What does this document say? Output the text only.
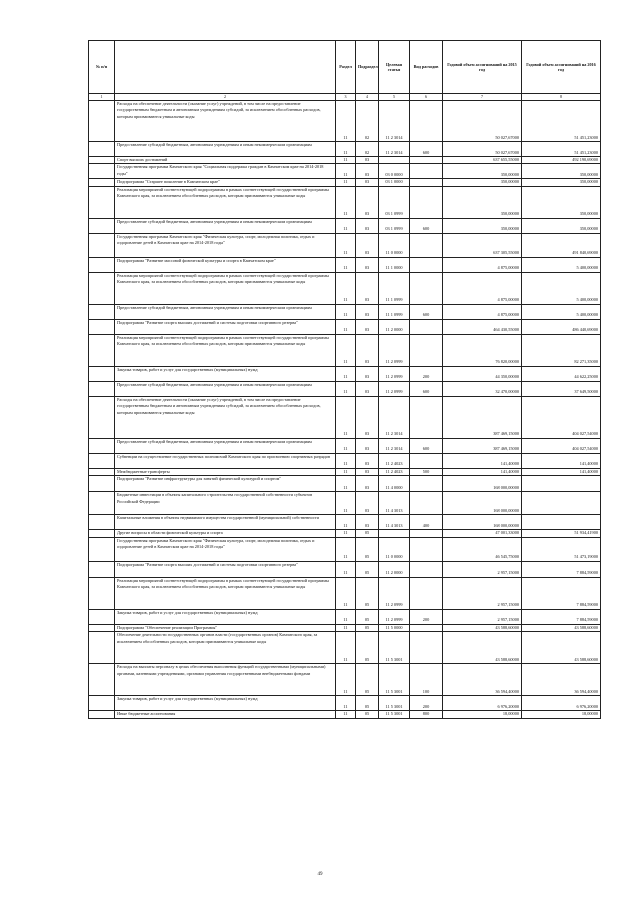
№ п/п		Раздел	Подраздел	Целевая статья	Вид расходов	Годовой объем ассигнований на 2015 год	Годовой объем ассигнований на 2016 год
1	2	3	4	5	6	7	8
	Расходы на обеспечение деятельности (оказание услуг) учреждений, в том числе на предоставление государственным бюджетным и автономным учреждениям субсидий, за исключением обособленных расходов, которым присваиваются уникальные коды	11	02	11 2 3014		50 027,67000	51 451,23000
	Предоставление субсидий бюджетным, автономным учреждениям и иным некоммерческим организациям	11	02	11 2 3014	600	50 027,67000	51 451,23000
	Спорт высших достижений	11	03			637 655,55000	492 190,69000
	Государственная программа Камчатского края "Социальная поддержка граждан в Камчатском крае на 2014-2018 годы"	11	03	03 0 0000		350,00000	350,00000
	Подпрограмма "Старшее поколение в Камчатском крае"	11	03	03 1 0000		350,00000	350,00000
	Реализация мероприятий соответствующей подпрограммы в рамках соответствующей государственной программы Камчатского края, за исключением обособленных расходов, которым присваиваются уникальные коды	11	03	03 1 0999		350,00000	350,00000
	Предоставление субсидий бюджетным, автономным учреждениям и иным некоммерческим организациям	11	03	03 1 0999	600	350,00000	350,00000
	Государственная программа Камчатского края "Физическая культура, спорт, молодежная политика, отдых и оздоровление детей в Камчатском крае на 2014-2018 годы"	11	03	11 0 0000		637 305,55000	491 840,69000
	Подпрограмма "Развитие массовой физической культуры и спорта в Камчатском крае"	11	03	11 1 0000		4 875,00000	5 400,00000
	Реализация мероприятий соответствующей подпрограммы в рамках соответствующей государственной программы Камчатского края, за исключением обособленных расходов, которым присваиваются уникальные коды	11	03	11 1 0999		4 875,00000	5 400,00000
	Предоставление субсидий бюджетным, автономным учреждениям и иным некоммерческим организациям	11	03	11 1 0999	600	4 875,00000	5 400,00000
	Подпрограмма "Развитие спорта высших достижений и системы подготовки спортивного резерва"	11	03	11 2 0000		464 430,55000	486 440,69000
	Реализация мероприятий соответствующей подпрограммы в рамках соответствующей государственной программы Камчатского края, за исключением обособленных расходов, которым присваиваются уникальные коды	11	03	11 2 0999		76 820,00000	82 271,35000
	Закупка товаров, работ и услуг для государственных (муниципальных) нужд	11	03	11 2 0999	200	44 350,00000	44 622,25000
	Предоставление субсидий бюджетным, автономным учреждениям и иным некоммерческим организациям	11	03	11 2 0999	600	32 470,00000	37 649,50000
	Расходы на обеспечение деятельности (оказание услуг) учреждений, в том числе на предоставление государственным бюджетным и автономным учреждениям субсидий, за исключением обособленных расходов, которым присваиваются уникальные коды	11	03	11 2 3014		387 469,15000	404 027,54000
	Предоставление субсидий бюджетным, автономным учреждениям и иным некоммерческим организациям	11	03	11 2 3014	600	387 469,15000	404 027,54000
	Субвенции на осуществление государственных полномочий Камчатского края по присвоению спортивных разрядов	11	03	11 2 4023		141,40000	141,40000
	Межбюджетные трансферты	11	03	11 2 4023	500	141,40000	141,40000
	Подпрограмма "Развитие инфраструктуры для занятий физической культурой и спортом"	11	03	11 4 0000		168 000,00000	
	Бюджетные инвестиции в объекты капитального строительства государственной собственности субъектов Российской Федерации	11	03	11 4 3013		168 000,00000	
	Капитальные вложения в объекты недвижимого имущества государственной (муниципальной) собственности	11	03	11 4 3013	400	168 000,00000	
	Другие вопросы в области физической культуры и спорта	11	05			47 001,33000	51 934,41900
	Государственная программа Камчатского края "Физическая культура, спорт, молодежная политика, отдых и оздоровление детей в Камчатском крае на 2014-2018 годы"	11	05	11 0 0000		46 545,75000	51 473,19000
	Подпрограмма "Развитие спорта высших достижений и системы подготовки спортивного резерва"	11	05	11 2 0000		2 957,15000	7 884,59000
	Реализация мероприятий соответствующей подпрограммы в рамках соответствующей государственной программы Камчатского края, за исключением обособленных расходов, которым присваиваются уникальные коды	11	05	11 2 0999		2 957,15000	7 884,59000
	Закупка товаров, работ и услуг для государственных (муниципальных) нужд	11	05	11 2 0999	200	2 957,15000	7 884,59000
	Подпрограмма "Обеспечение реализации Программы"	11	05	11 5 0000		43 588,60000	43 588,60000
	Обеспечение деятельности государственных органов власти (государственных органов) Камчатского края, за исключением обособленных расходов, которым присваиваются уникальные коды	11	05	11 5 3001		43 588,60000	43 588,60000
	Расходы на выплаты персоналу в целях обеспечения выполнения функций государственными (муниципальными) органами, казенными учреждениями, органами управления государственными внебюджетными фондами	11	05	11 5 3001	100	36 594,40000	36 594,40000
	Закупка товаров, работ и услуг для государственных (муниципальных) нужд	11	05	11 5 3001	200	6 976,20000	6 976,20000
	Иные бюджетные ассигнования	11	05	11 5 3001	800	18,00000	18,00000
49
